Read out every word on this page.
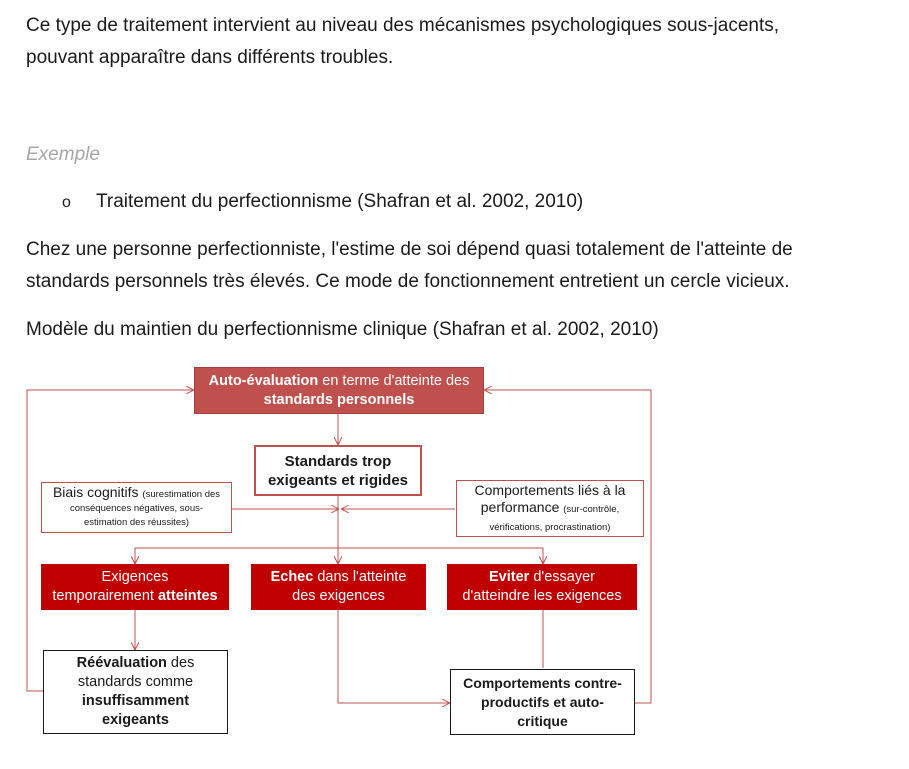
Ce type de traitement intervient au niveau des mécanismes psychologiques sous-jacents,
pouvant apparaître dans différents troubles.

Exemple

o Traitement du perfectionnisme (Shafran et al. 2002, 2010)

Chez une personne perfectionniste, l'estime de soi dépend quasi totalement de l'atteinte de
standards personnels très élevés. Ce mode de fonctionnement entretient un cercle vicieux.

Modèle du maintien du perfectionnisme clinique (Shafran et al. 2002, 2010)

Auto-évaluation en terme d'atteinte des
standards personnels
Standards trop
exigeants et rigides
Biais cognitifs (surestimation des
conséquences négatives, sous-
estimation des réussites)
Comportements liés à la
performance (sur-contrôle,
vérifications, procrastination)
Exigences
temporairement atteintes
Echec dans l'atteinte
des exigences
Eviter d'essayer
d'atteindre les exigences
Réévaluation des
standards comme
insuffisamment
exigeants
Comportements contre-
productifs et auto-
critique
